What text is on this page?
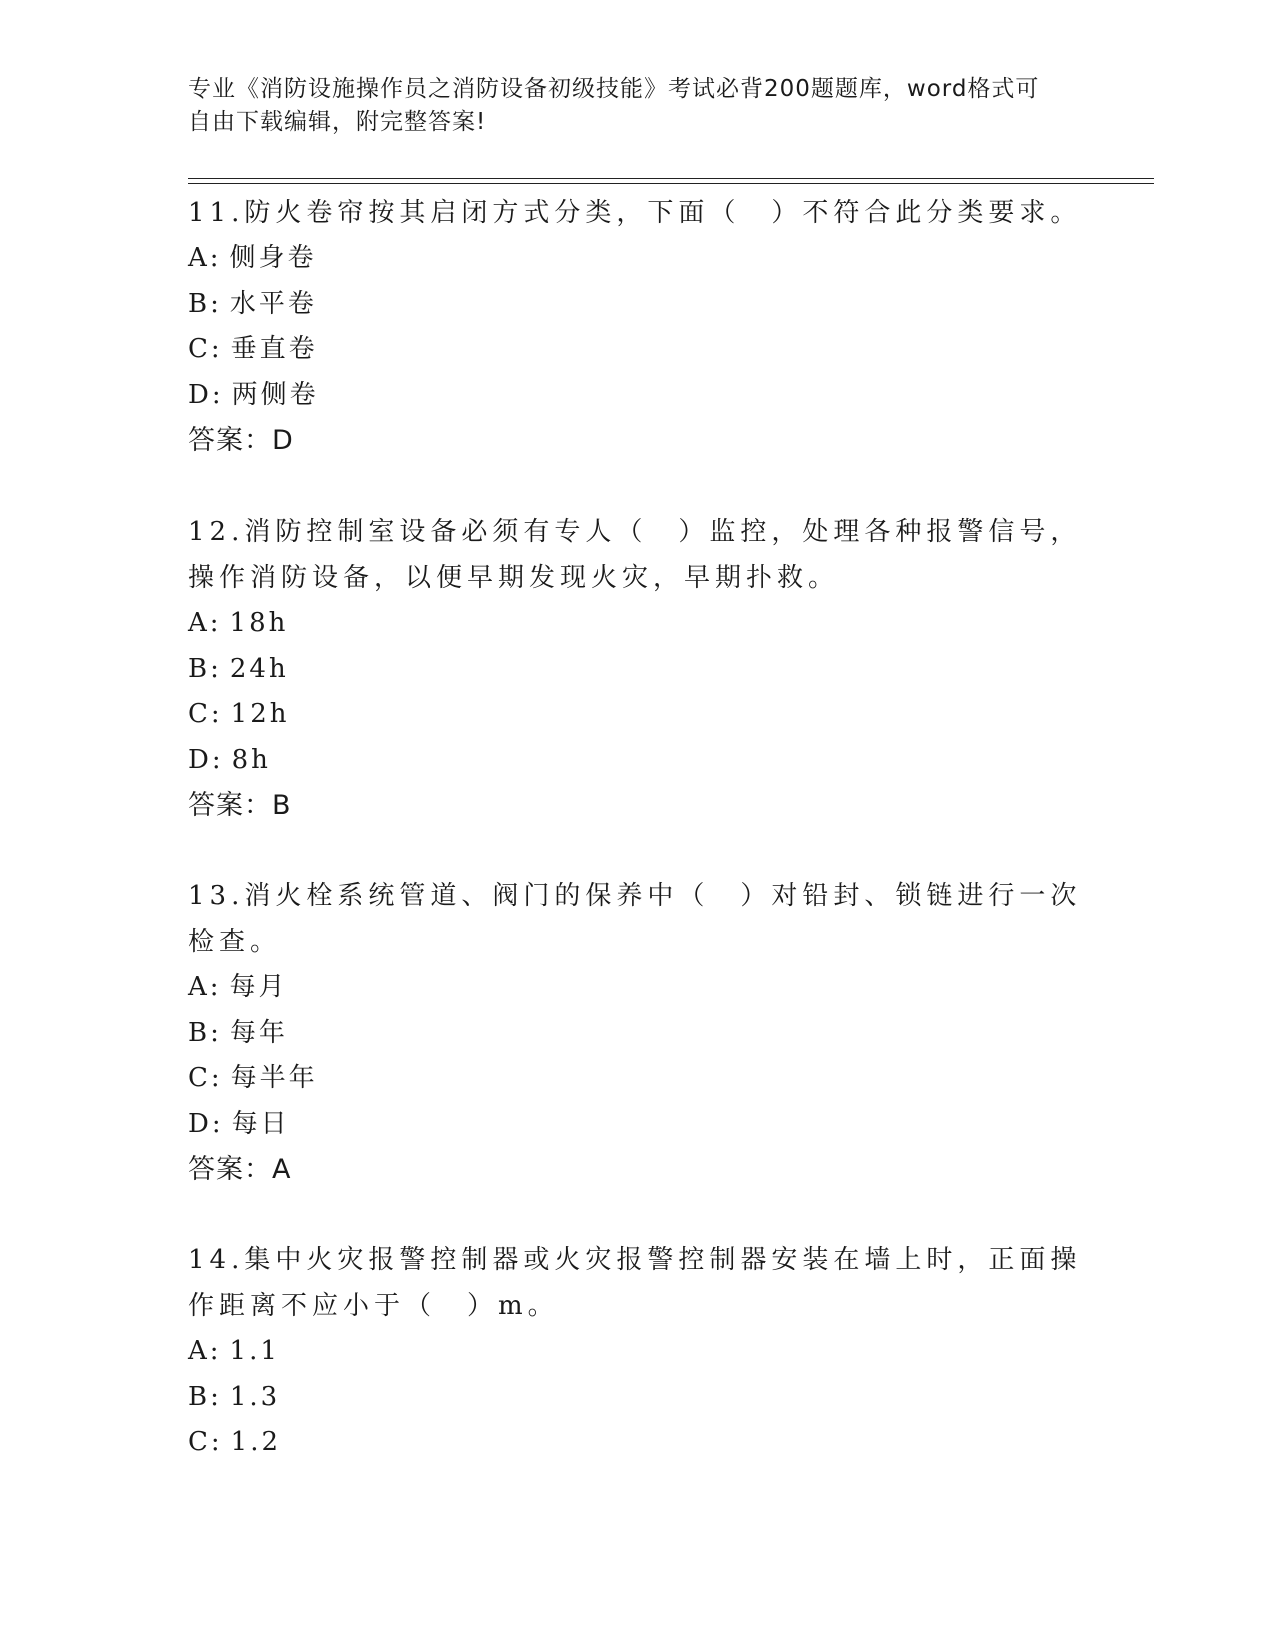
专业《消防设施操作员之消防设备初级技能》考试必背200题题库，word格式可
自由下载编辑，附完整答案!

11.防火卷帘按其启闭方式分类，下面（　）不符合此分类要求。

A: 侧身卷

B: 水平卷

C: 垂直卷

D: 两侧卷

答案：D

12.消防控制室设备必须有专人（　）监控，处理各种报警信号，操作消防设备，以便早期发现火灾，早期扑救。

A: 18h

B: 24h

C: 12h

D: 8h

答案：B

13.消火栓系统管道、阀门的保养中（　）对铅封、锁链进行一次检查。

A: 每月

B: 每年

C: 每半年

D: 每日

答案：A

14.集中火灾报警控制器或火灾报警控制器安装在墙上时，正面操作距离不应小于（　）m。

A: 1.1

B: 1.3

C: 1.2
